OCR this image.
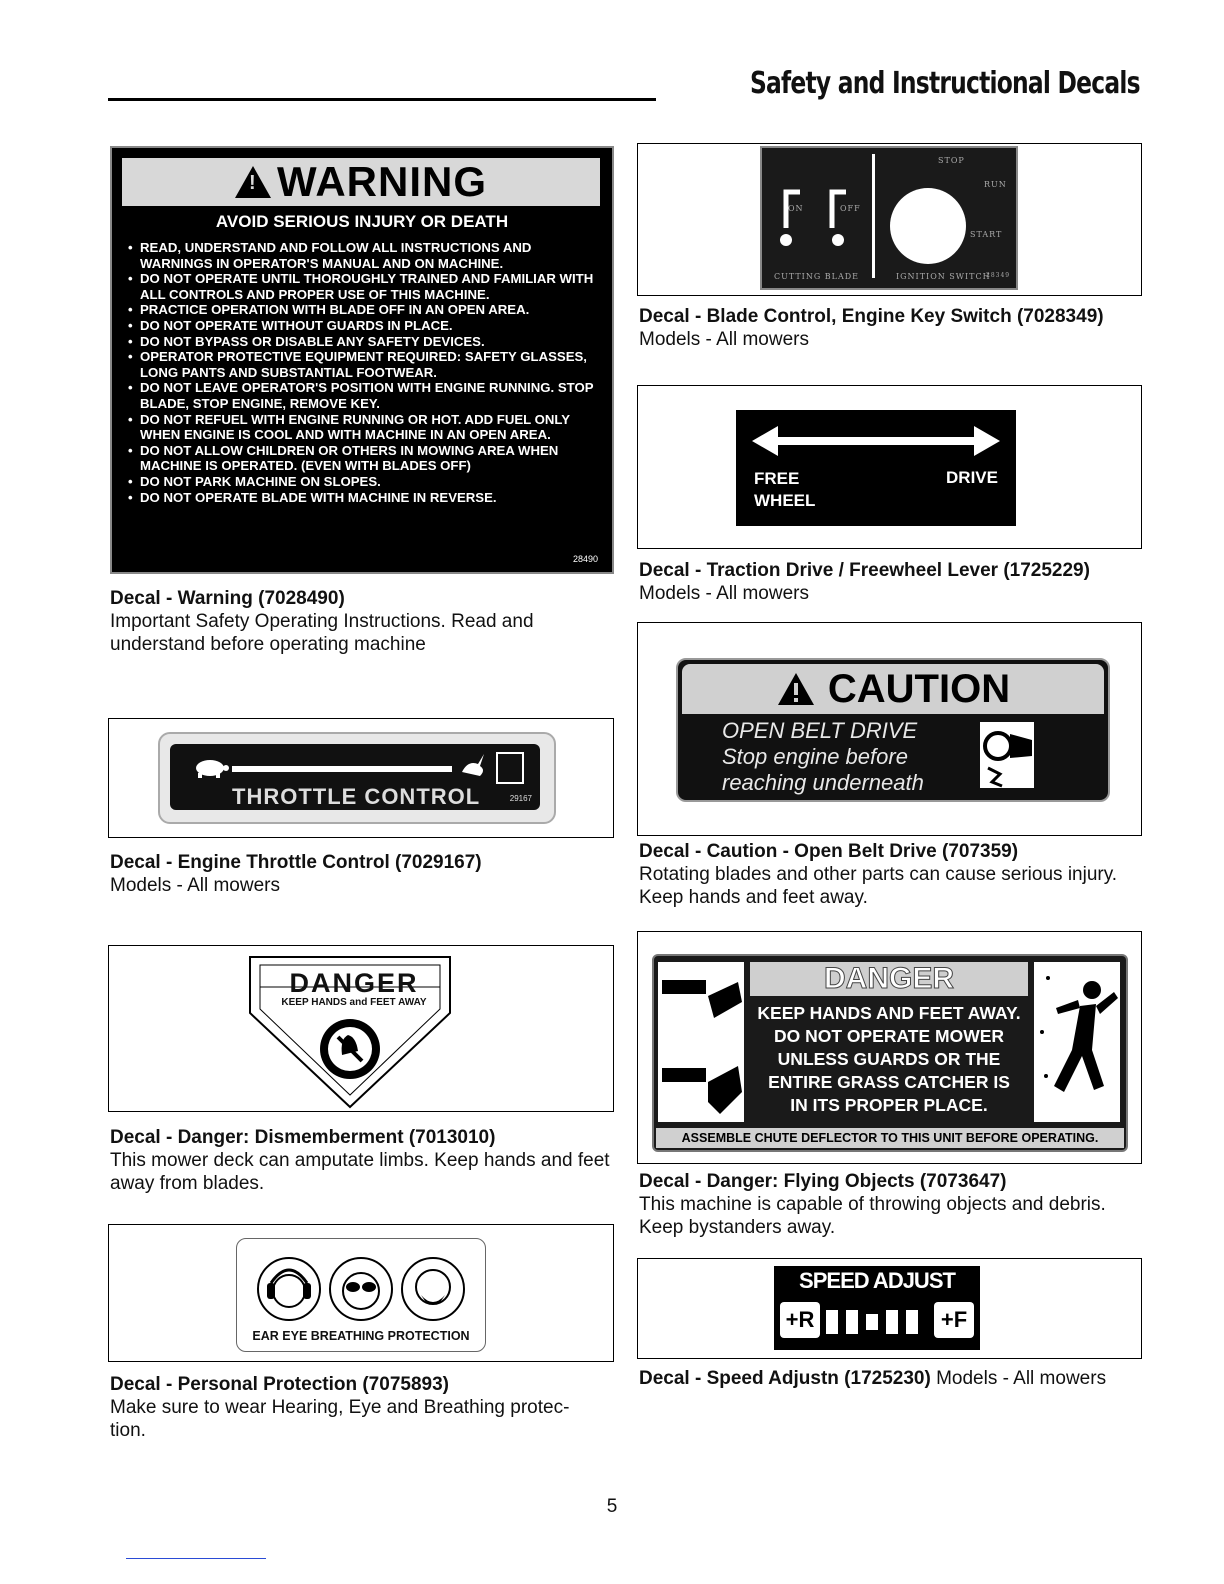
Safety and Instructional Decals
! WARNING
AVOID SERIOUS INJURY OR DEATH
• READ, UNDERSTAND AND FOLLOW ALL INSTRUCTIONS AND WARNINGS IN OPERATOR'S MANUAL AND ON MACHINE.
• DO NOT OPERATE UNTIL THOROUGHLY TRAINED AND FAMILIAR WITH ALL CONTROLS AND PROPER USE OF THIS MACHINE.
• PRACTICE OPERATION WITH BLADE OFF IN AN OPEN AREA.
• DO NOT OPERATE WITHOUT GUARDS IN PLACE.
• DO NOT BYPASS OR DISABLE ANY SAFETY DEVICES.
• OPERATOR PROTECTIVE EQUIPMENT REQUIRED: SAFETY GLASSES, LONG PANTS AND SUBSTANTIAL FOOTWEAR.
• DO NOT LEAVE OPERATOR'S POSITION WITH ENGINE RUNNING. STOP BLADE, STOP ENGINE, REMOVE KEY.
• DO NOT REFUEL WITH ENGINE RUNNING OR HOT. ADD FUEL ONLY WHEN ENGINE IS COOL AND WITH MACHINE IN AN OPEN AREA.
• DO NOT ALLOW CHILDREN OR OTHERS IN MOWING AREA WHEN MACHINE IS OPERATED. (EVEN WITH BLADES OFF)
• DO NOT PARK MACHINE ON SLOPES.
• DO NOT OPERATE BLADE WITH MACHINE IN REVERSE.
28490
Decal - Warning (7028490)
Important Safety Operating Instructions. Read and understand before operating machine
THROTTLE CONTROL	29167
Decal - Engine Throttle Control (7029167)
Models - All mowers
DANGER
KEEP HANDS and FEET AWAY
Decal - Danger: Dismemberment (7013010)
This mower deck can amputate limbs. Keep hands and feet away from blades.
EAR EYE BREATHING PROTECTION
Decal - Personal Protection (7075893)
Make sure to wear Hearing, Eye and Breathing protec- tion.
ON	OFF
STOP
RUN
START
CUTTING BLADE	IGNITION SWITCH
28349
Decal - Blade Control, Engine Key Switch (7028349)
Models - All mowers
FREE
WHEEL
DRIVE
Decal - Traction Drive / Freewheel Lever (1725229)
Models - All mowers
CAUTION
OPEN BELT DRIVE
Stop engine before
reaching underneath
Decal - Caution - Open Belt Drive (707359)
Rotating blades and other parts can cause serious injury. Keep hands and feet away.
DANGER
KEEP HANDS AND FEET AWAY.
DO NOT OPERATE MOWER
UNLESS GUARDS OR THE
ENTIRE GRASS CATCHER IS
IN ITS PROPER PLACE.
ASSEMBLE CHUTE DEFLECTOR TO THIS UNIT BEFORE OPERATING.
Decal - Danger: Flying Objects (7073647)
This machine is capable of throwing objects and debris. Keep bystanders away.
SPEED ADJUST
+R	+F
Decal - Speed Adjustn (1725230) Models - All mowers
5
